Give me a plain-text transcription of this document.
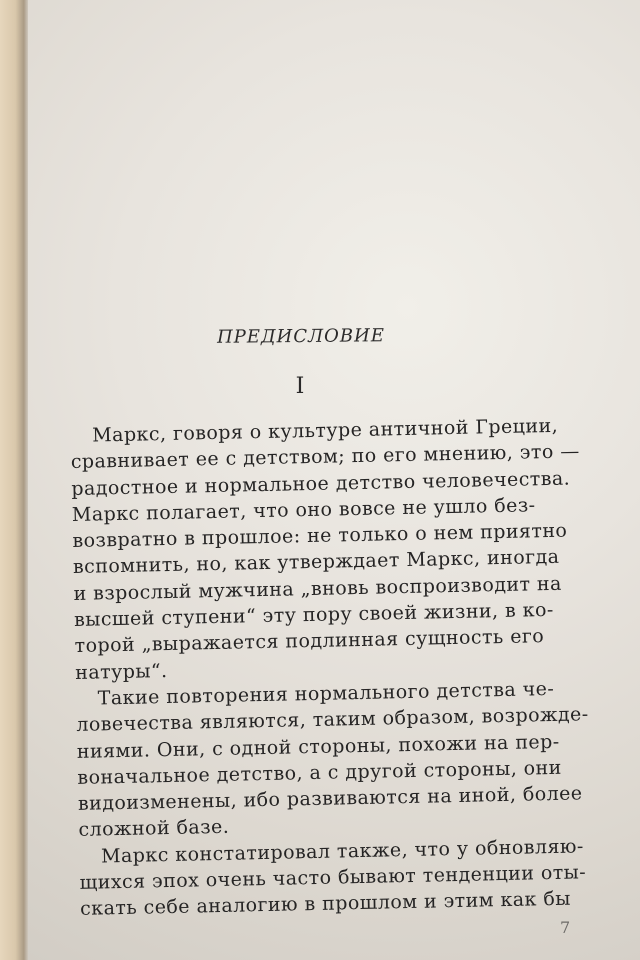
ПРЕДИСЛОВИЕ
I
Маркс, говоря о культуре античной Греции,
сравнивает ее с детством; по его мнению, это —
радостное и нормальное детство человечества.
Маркс полагает, что оно вовсе не ушло без-
возвратно в прошлое: не только о нем приятно
вспомнить, но, как утверждает Маркс, иногда
и взрослый мужчина „вновь воспроизводит на
высшей ступени“ эту пору своей жизни, в ко-
торой „выражается подлинная сущность его
натуры“.
Такие повторения нормального детства че-
ловечества являются, таким образом, возрожде-
ниями. Они, с одной стороны, похожи на пер-
воначальное детство, а с другой стороны, они
видоизменены, ибо развиваются на иной, более
сложной базе.
Маркс констатировал также, что у обновляю-
щихся эпох очень часто бывают тенденции оты-
скать себе аналогию в прошлом и этим как бы
7
